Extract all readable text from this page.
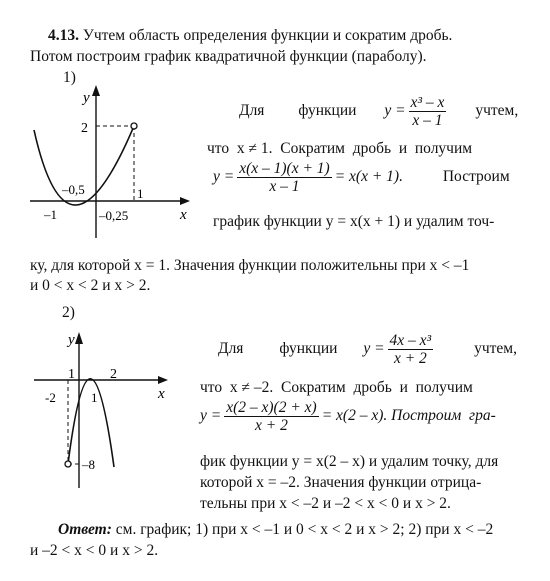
4.13. Учтем область определения функции и сократим дробь.
Потом построим график квадратичной функции (параболу).
1)
y
x
2
–0,5	1
–1	–0,25
Для функции $y = \frac{\text{x³ – x}}{x - 1}$ учтем,
что  x ≠ 1.  Сократим  дробь  и  получим
$y = \frac{x(x - 1)(x + 1)}{x - 1} = x(x + 1)$.	Построим
график функции y = x(x + 1) и удалим точ-
ку, для которой x = 1. Значения функции положительны при x < –1
и 0 < x < 2 и x > 2.
2)
y
x
1	2
-2	1
–8
Для функции $y = \frac{\text{4x – x³}}{x + 2}$	учтем,
что  x ≠ –2.  Сократим  дробь  и  получим
$y = \frac{x(2 - x)(2 + x)}{x + 2} = x(2 - x)$. Построим  гра-
фик функции y = x(2 – x) и удалим точку, для
которой x = –2. Значения функции отрица-
тельны при x < –2 и –2 < x < 0 и x > 2.
Ответ: см. график; 1) при x < –1 и 0 < x < 2 и x > 2; 2) при x < –2
и –2 < x < 0 и x > 2.
